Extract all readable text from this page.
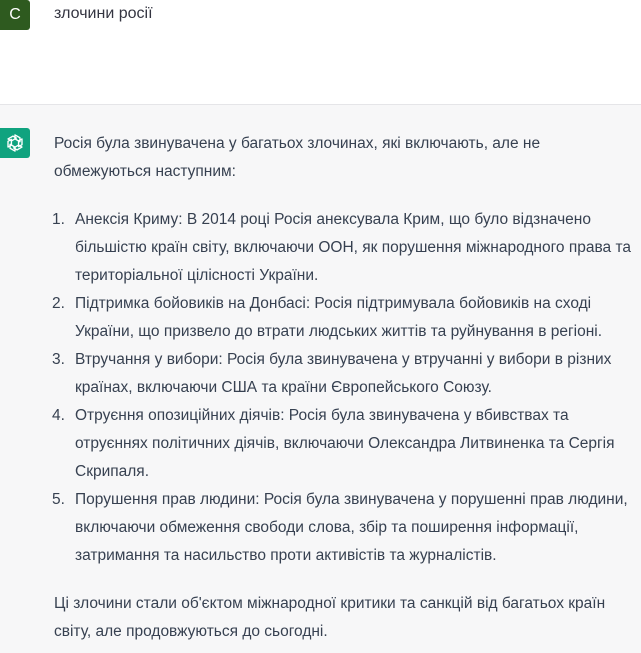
C	злочини росії

Росія була звинувачена у багатьох злочинах, які включають, але не обмежуються наступним:

1. Анексія Криму: В 2014 році Росія анексувала Крим, що було відзначено більшістю країн світу, включаючи ООН, як порушення міжнародного права та територіальної цілісності України.
2. Підтримка бойовиків на Донбасі: Росія підтримувала бойовиків на сході України, що призвело до втрати людських життів та руйнування в регіоні.
3. Втручання у вибори: Росія була звинувачена у втручанні у вибори в різних країнах, включаючи США та країни Європейського Союзу.
4. Отруєння опозиційних діячів: Росія була звинувачена у вбивствах та отруєннях політичних діячів, включаючи Олександра Литвиненка та Сергія Скрипаля.
5. Порушення прав людини: Росія була звинувачена у порушенні прав людини, включаючи обмеження свободи слова, збір та поширення інформації, затримання та насильство проти активістів та журналістів.

Ці злочини стали об'єктом міжнародної критики та санкцій від багатьох країн світу, але продовжуються до сьогодні.
